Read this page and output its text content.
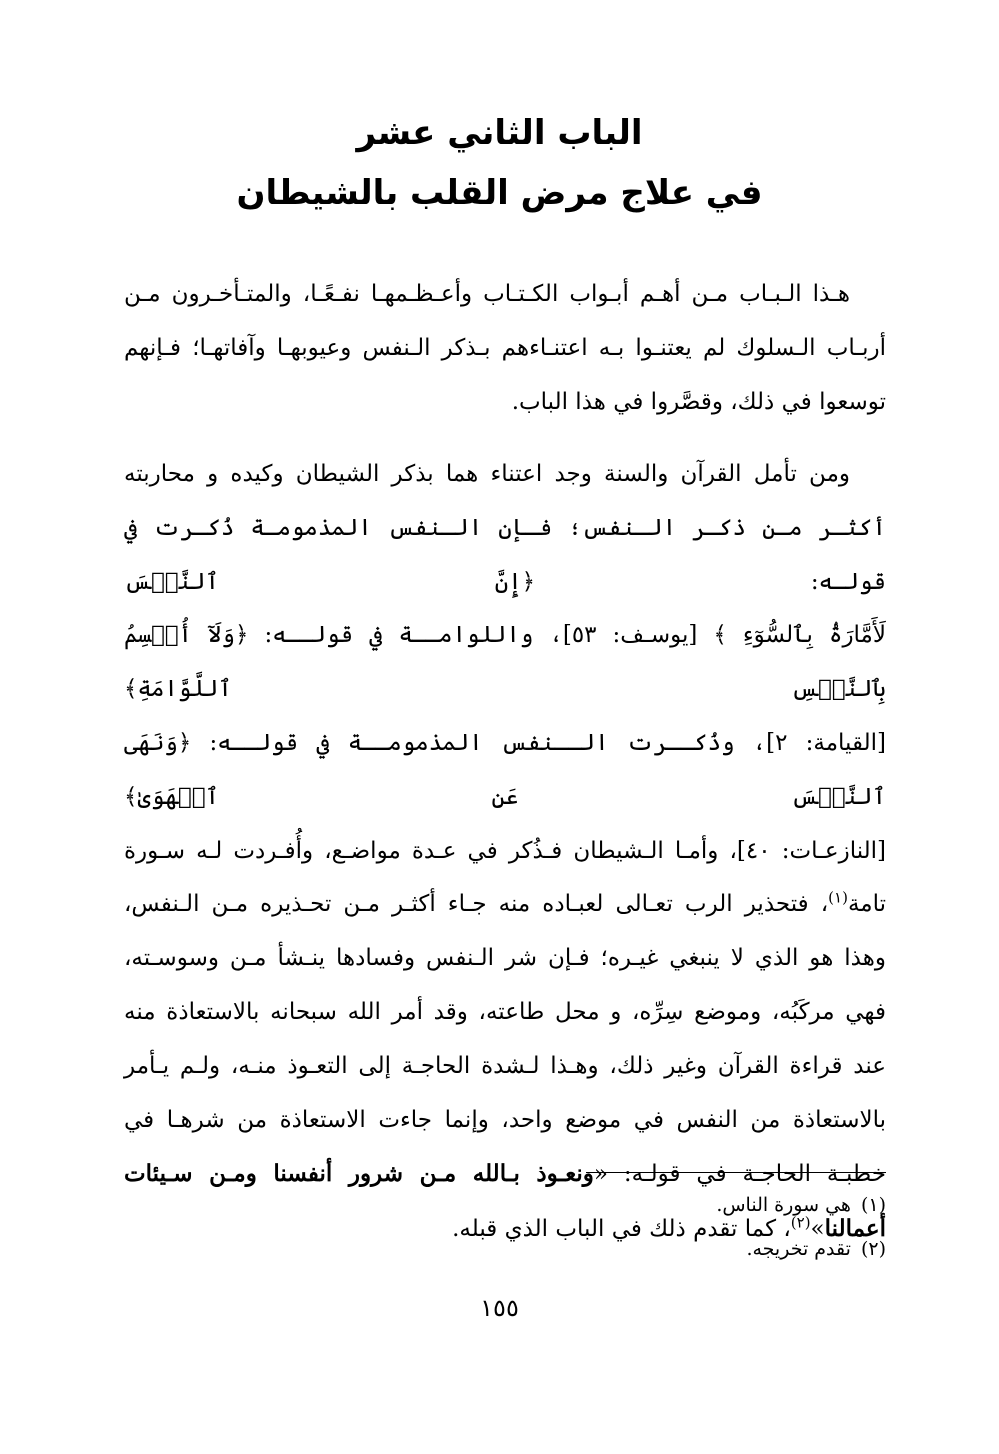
الباب الثاني عشر
في علاج مرض القلب بالشيطان
هـذا الـبـاب مـن أهـم أبـواب الكـتـاب وأعـظـمهـا نفـعًـا، والمتـأخـرون مـن
أربـاب الـسلوك لم يعتنـوا بـه اعتنـاءهم بـذكر الـنفس وعيوبهـا وآفاتهـا؛ فـإنهم
توسعوا في ذلك، وقصَّروا في هذا الباب.
ومن تأمل القرآن والسنة وجد اعتناء هما بذكر الشيطان وكيده و محاربته
أكثـر مـن ذكـر الـنفس؛ فـإن الـنفس المذمومـة ذُكـرت في قولـه: ﴿إِنَّ ٱلنَّفۡسَ
لَأَمَّارَةُۢ بِٱلسُّوٓءِ ﴾ [يوسـف: ٥٣]، واللوامــة في قولــه: ﴿وَلَآ أُقۡسِمُ بِٱلنَّفۡسِ ٱللَّوَّامَةِ﴾
[القيامة: ٢]، وذُكــرت الــنفس المذمومــة في قولــه: ﴿وَنَهَى ٱلنَّفۡسَ عَنِ ٱلۡهَوَىٰ﴾
[النازعـات: ٤٠]، وأمـا الـشيطان فـذُكر في عـدة مواضـع، وأُفـردت لـه سـورة
تامة$^{(١)}$، فتحذير الرب تعـالى لعبـاده منه جـاء أكثـر مـن تحـذيره مـن الـنفس،
وهذا هو الذي لا ينبغي غيـره؛ فـإن شر الـنفس وفسادها ينـشأ مـن وسوسـته،
فهي مركَبُه، وموضع سِرِّه، و محل طاعته، وقد أمر الله سبحانه بالاستعاذة منه
عند قراءة القرآن وغير ذلك، وهـذا لـشدة الحاجـة إلى التعـوذ منـه، ولـم يـأمر
بالاستعاذة من النفس في موضع واحد، وإنما جاءت الاستعاذة من شرهـا في
خطبـة الحاجـة في قولـه: «ونعـوذ بـالله مـن شرور أنفسنا ومـن سـيئات
أعمالنا»$^{(٢)}$، كما تقدم ذلك في الباب الذي قبله.

(١)هي سورة الناس.

(٢)تقدم تخريجه.

١٥٥
